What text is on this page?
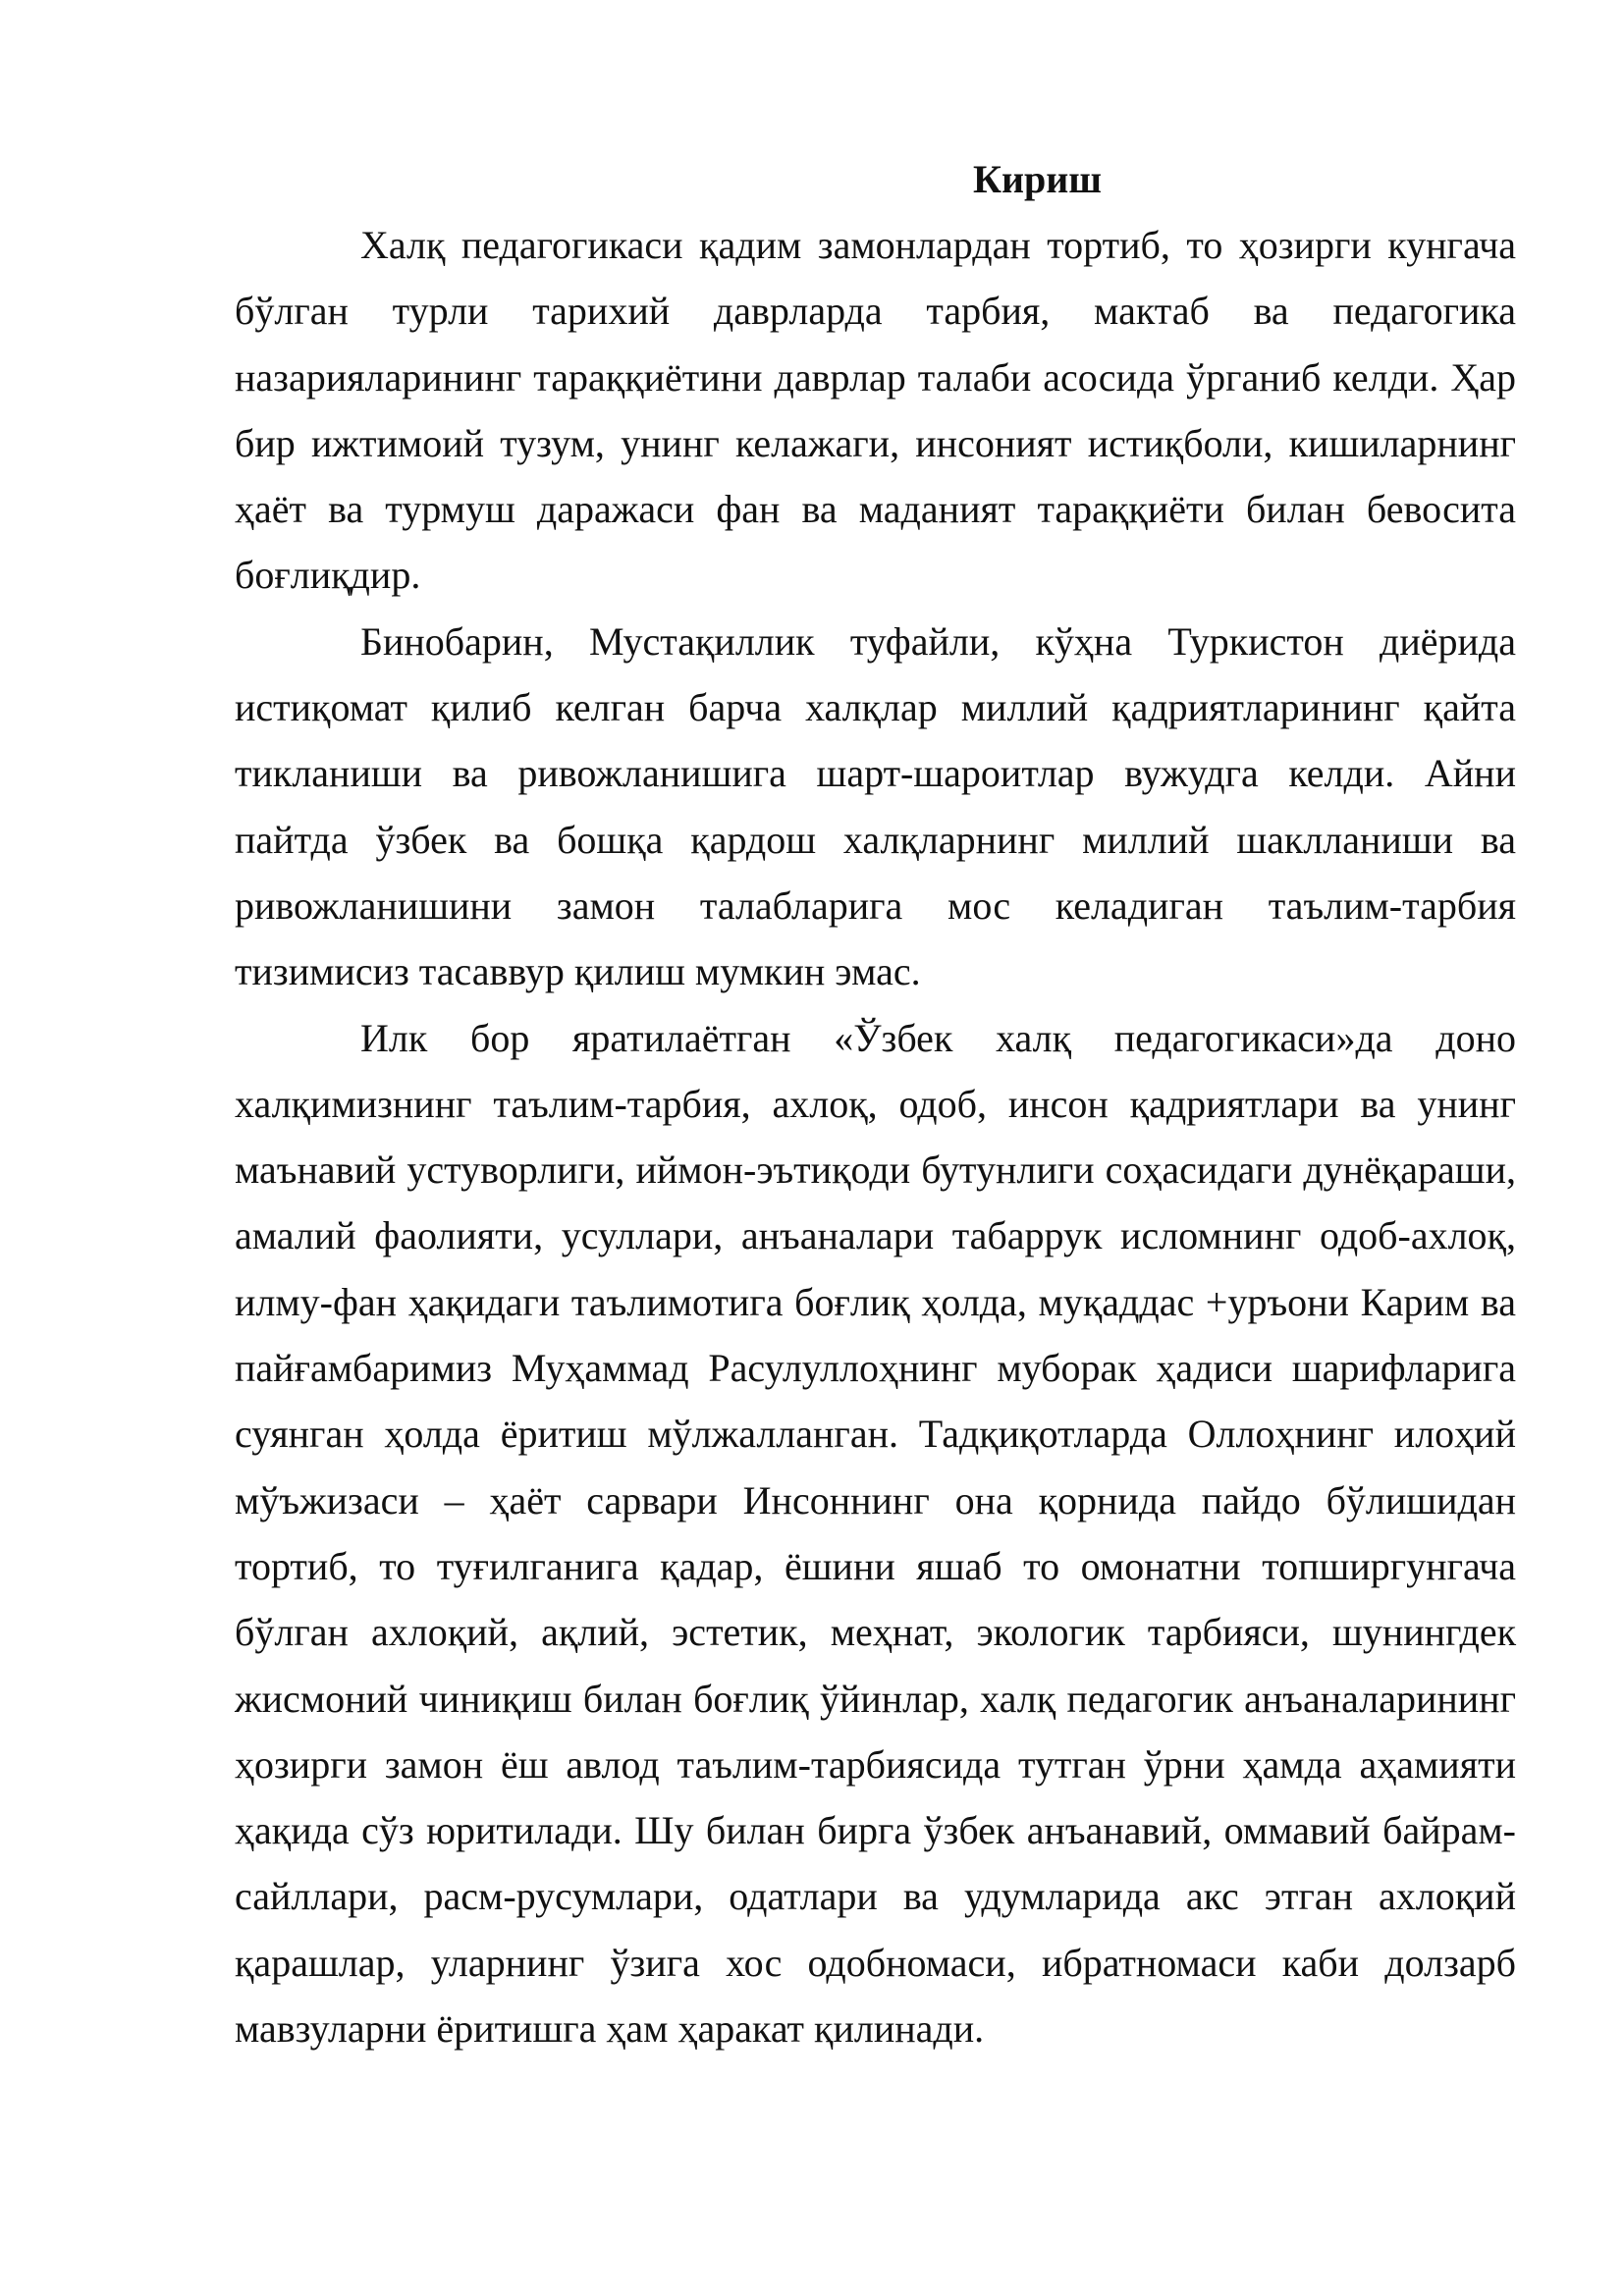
Кириш

Халқ педагогикаси қадим замонлардан тортиб, то ҳозирги кунгача бўлган турли тарихий даврларда тарбия, мактаб ва педагогика назарияларининг тараққиётини даврлар талаби асосида ўрганиб келди. Ҳар бир ижтимоий тузум, унинг келажаги, инсоният истиқболи, кишиларнинг ҳаёт ва турмуш даражаси фан ва маданият тараққиёти билан бевосита боғлиқдир.

Бинобарин, Мустақиллик туфайли, кўҳна Туркистон диёрида истиқомат қилиб келган барча халқлар миллий қадриятларининг қайта тикланиши ва ривожланишига шарт-шароитлар вужудга келди. Айни пайтда ўзбек ва бошқа қардош халқларнинг миллий шаклланиши ва ривожланишини замон талабларига мос келадиган таълим-тарбия тизимисиз тасаввур қилиш мумкин эмас.

Илк бор яратилаётган «Ўзбек халқ педагогикаси»да доно халқимизнинг таълим-тарбия, ахлоқ, одоб, инсон қадриятлари ва унинг маънавий устуворлиги, иймон-эътиқоди бутунлиги соҳасидаги дунёқараши, амалий фаолияти, усуллари, анъаналари табаррук исломнинг одоб-ахлоқ, илму-фан ҳақидаги таълимотига боғлиқ ҳолда, муқаддас +уръони Карим ва пайғамбаримиз Муҳаммад Расулуллоҳнинг муборак ҳадиси шарифларига суянган ҳолда ёритиш мўлжалланган. Тадқиқотларда Оллоҳнинг илоҳий мўъжизаси – ҳаёт сарвари Инсоннинг она қорнида пайдо бўлишидан тортиб, то туғилганига қадар, ёшини яшаб то омонатни топширгунгача бўлган ахлоқий, ақлий, эстетик, меҳнат, экологик тарбияси, шунингдек жисмоний чиниқиш билан боғлиқ ўйинлар, халқ педагогик анъаналарининг ҳозирги замон ёш авлод таълим-тарбиясида тутган ўрни ҳамда аҳамияти ҳақида сўз юритилади. Шу билан бирга ўзбек анъанавий, оммавий байрам-сайллари, расм-русумлари, одатлари ва удумларида акс этган ахлоқий қарашлар, уларнинг ўзига хос одобномаси, ибратномаси каби долзарб мавзуларни ёритишга ҳам ҳаракат қилинади.
